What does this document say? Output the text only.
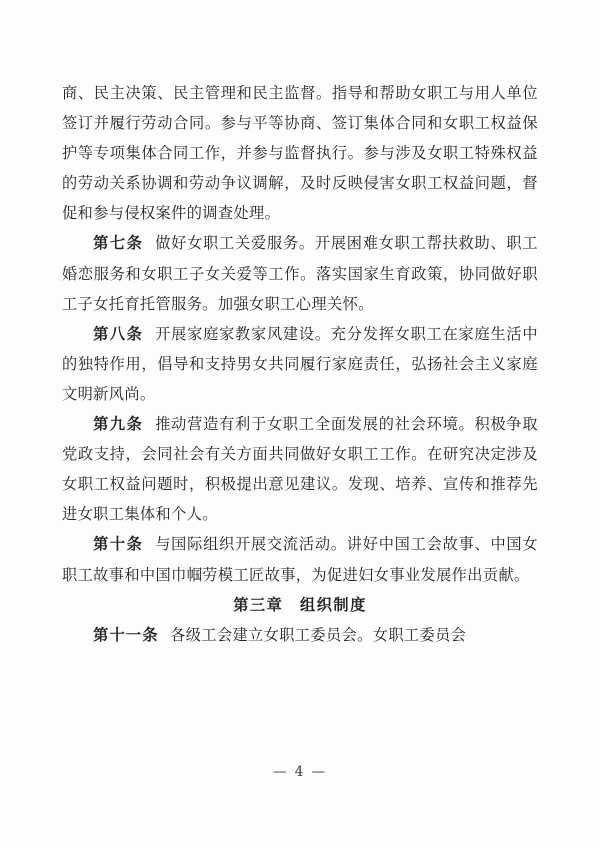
商、民主决策、民主管理和民主监督。指导和帮助女职工与用人单位签订并履行劳动合同。参与平等协商、签订集体合同和女职工权益保护等专项集体合同工作，并参与监督执行。参与涉及女职工特殊权益的劳动关系协调和劳动争议调解，及时反映侵害女职工权益问题，督促和参与侵权案件的调查处理。

第七条 做好女职工关爱服务。开展困难女职工帮扶救助、职工婚恋服务和女职工子女关爱等工作。落实国家生育政策，协同做好职工子女托育托管服务。加强女职工心理关怀。

第八条 开展家庭家教家风建设。充分发挥女职工在家庭生活中的独特作用，倡导和支持男女共同履行家庭责任，弘扬社会主义家庭文明新风尚。

第九条 推动营造有利于女职工全面发展的社会环境。积极争取党政支持，会同社会有关方面共同做好女职工工作。在研究决定涉及女职工权益问题时，积极提出意见建议。发现、培养、宣传和推荐先进女职工集体和个人。

第十条 与国际组织开展交流活动。讲好中国工会故事、中国女职工故事和中国巾帼劳模工匠故事，为促进妇女事业发展作出贡献。

第三章 组织制度

第十一条 各级工会建立女职工委员会。女职工委员会

— 4 —
